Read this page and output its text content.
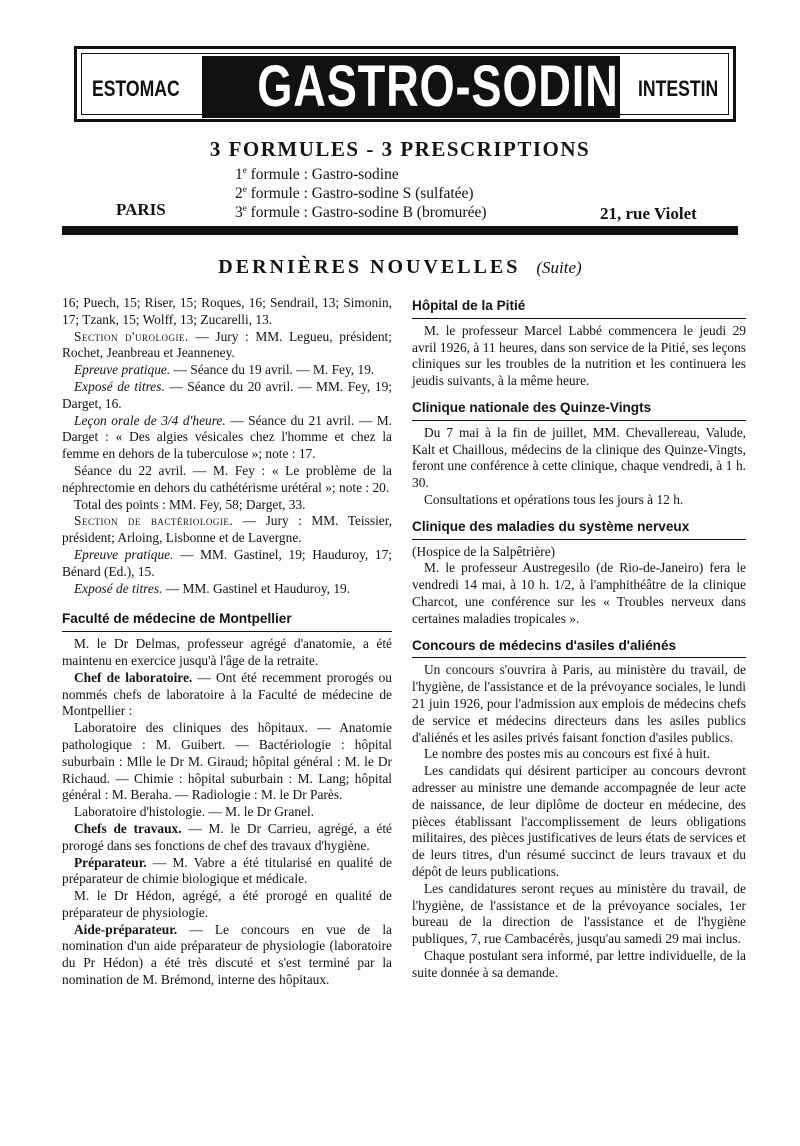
ESTOMAC	GASTRO-SODINE
INTESTIN
3 FORMULES - 3 PRESCRIPTIONS
1e formule : Gastro-sodine
2e formule : Gastro-sodine S (sulfatée)
3e formule : Gastro-sodine B (bromurée)
PARIS	21, rue Violet
DERNIÈRES NOUVELLES (Suite)

16; Puech, 15; Riser, 15; Roques, 16; Sendrail, 13; Simonin, 17; Tzank, 15; Wolff, 13; Zucarelli, 13.

Section d'urologie. — Jury : MM. Legueu, président; Rochet, Jeanbreau et Jeanneney.

Epreuve pratique. — Séance du 19 avril. — M. Fey, 19.

Exposé de titres. — Séance du 20 avril. — MM. Fey, 19; Darget, 16.

Leçon orale de 3/4 d'heure. — Séance du 21 avril. — M. Darget : « Des algies vésicales chez l'homme et chez la femme en dehors de la tuberculose »; note : 17.

Séance du 22 avril. — M. Fey : « Le problème de la néphrectomie en dehors du cathétérisme urétéral »; note : 20.

Total des points : MM. Fey, 58; Darget, 33.

Section de bactériologie. — Jury : MM. Teissier, président; Arloing, Lisbonne et de Lavergne.

Epreuve pratique. — MM. Gastinel, 19; Hauduroy, 17; Bénard (Ed.), 15.

Exposé de titres. — MM. Gastinel et Hauduroy, 19.

Faculté de médecine de Montpellier

M. le Dr Delmas, professeur agrégé d'anatomie, a été maintenu en exercice jusqu'à l'âge de la retraite.

Chef de laboratoire. — Ont été recemment prorogés ou nommés chefs de laboratoire à la Faculté de médecine de Montpellier :

Laboratoire des cliniques des hôpitaux. — Anatomie pathologique : M. Guibert. — Bactériologie : hôpital suburbain : Mlle le Dr M. Giraud; hôpital général : M. le Dr Richaud. — Chimie : hôpital suburbain : M. Lang; hôpital général : M. Beraha. — Radiologie : M. le Dr Parès.

Laboratoire d'histologie. — M. le Dr Granel.

Chefs de travaux. — M. le Dr Carrieu, agrégé, a été prorogé dans ses fonctions de chef des travaux d'hygiène.

Préparateur. — M. Vabre a été titularisé en qualité de préparateur de chimie biologique et médicale.

M. le Dr Hédon, agrégé, a été prorogé en qualité de préparateur de physiologie.

Aide-préparateur. — Le concours en vue de la nomination d'un aide préparateur de physiologie (laboratoire du Pr Hédon) a été très discuté et s'est terminé par la nomination de M. Brémond, interne des hôpitaux.

Hôpital de la Pitié

M. le professeur Marcel Labbé commencera le jeudi 29 avril 1926, à 11 heures, dans son service de la Pitié, ses leçons cliniques sur les troubles de la nutrition et les continuera les jeudis suivants, à la même heure.

Clinique nationale des Quinze-Vingts

Du 7 mai à la fin de juillet, MM. Chevallereau, Valude, Kalt et Chaillous, médecins de la clinique des Quinze-Vingts, feront une conférence à cette clinique, chaque vendredi, à 1 h. 30.

Consultations et opérations tous les jours à 12 h.

Clinique des maladies du système nerveux

(Hospice de la Salpêtrière)

M. le professeur Austregesilo (de Rio-de-Janeiro) fera le vendredi 14 mai, à 10 h. 1/2, à l'amphithéâtre de la clinique Charcot, une conférence sur les « Troubles nerveux dans certaines maladies tropicales ».

Concours de médecins d'asiles d'aliénés

Un concours s'ouvrira à Paris, au ministère du travail, de l'hygiène, de l'assistance et de la prévoyance sociales, le lundi 21 juin 1926, pour l'admission aux emplois de médecins chefs de service et médecins directeurs dans les asiles publics d'aliénés et les asiles privés faisant fonction d'asiles publics.

Le nombre des postes mis au concours est fixé à huit.

Les candidats qui désirent participer au concours devront adresser au ministre une demande accompagnée de leur acte de naissance, de leur diplôme de docteur en médecine, des pièces établissant l'accomplissement de leurs obligations militaires, des pièces justificatives de leurs états de services et de leurs titres, d'un résumé succinct de leurs travaux et du dépôt de leurs publications.

Les candidatures seront reçues au ministère du travail, de l'hygiène, de l'assistance et de la prévoyance sociales, 1er bureau de la direction de l'assistance et de l'hygiène publiques, 7, rue Cambacérès, jusqu'au samedi 29 mai inclus.

Chaque postulant sera informé, par lettre individuelle, de la suite donnée à sa demande.
